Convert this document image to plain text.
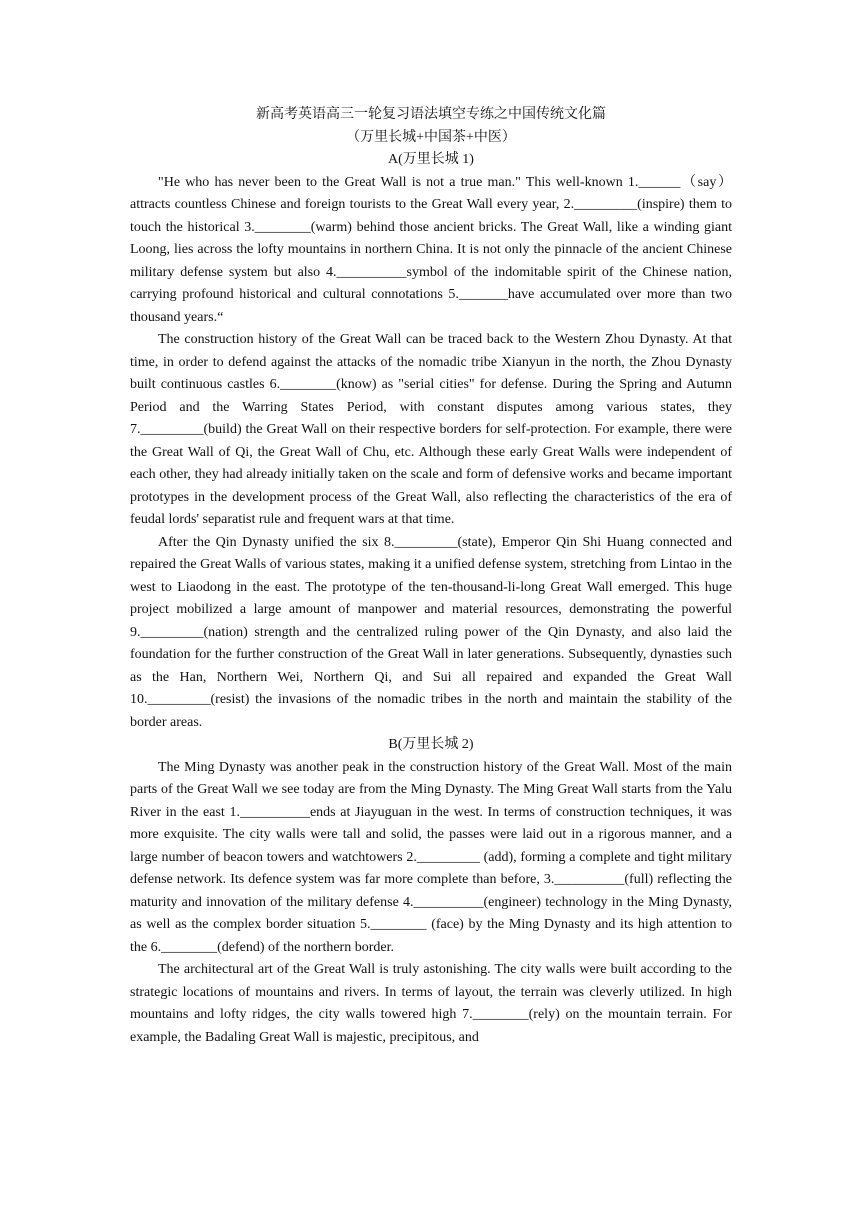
新高考英语高三一轮复习语法填空专练之中国传统文化篇

（万里长城+中国茶+中医）

A(万里长城 1)

"He who has never been to the Great Wall is not a true man." This well-known 1.______（say）attracts countless Chinese and foreign tourists to the Great Wall every year, 2._________(inspire) them to touch the historical 3.________(warm) behind those ancient bricks. The Great Wall, like a winding giant Loong, lies across the lofty mountains in northern China. It is not only the pinnacle of the ancient Chinese military defense system but also 4.__________symbol of the indomitable spirit of the Chinese nation, carrying profound historical and cultural connotations 5._______have accumulated over more than two thousand years.“

The construction history of the Great Wall can be traced back to the Western Zhou Dynasty. At that time, in order to defend against the attacks of the nomadic tribe Xianyun in the north, the Zhou Dynasty built continuous castles 6.________(know) as "serial cities" for defense. During the Spring and Autumn Period and the Warring States Period, with constant disputes among various states, they 7._________(build) the Great Wall on their respective borders for self-protection. For example, there were the Great Wall of Qi, the Great Wall of Chu, etc. Although these early Great Walls were independent of each other, they had already initially taken on the scale and form of defensive works and became important prototypes in the development process of the Great Wall, also reflecting the characteristics of the era of feudal lords' separatist rule and frequent wars at that time.

After the Qin Dynasty unified the six 8._________(state), Emperor Qin Shi Huang connected and repaired the Great Walls of various states, making it a unified defense system, stretching from Lintao in the west to Liaodong in the east. The prototype of the ten-thousand-li-long Great Wall emerged. This huge project mobilized a large amount of manpower and material resources, demonstrating the powerful 9._________(nation) strength and the centralized ruling power of the Qin Dynasty, and also laid the foundation for the further construction of the Great Wall in later generations. Subsequently, dynasties such as the Han, Northern Wei, Northern Qi, and Sui all repaired and expanded the Great Wall 10._________(resist) the invasions of the nomadic tribes in the north and maintain the stability of the border areas.

B(万里长城 2)

The Ming Dynasty was another peak in the construction history of the Great Wall. Most of the main parts of the Great Wall we see today are from the Ming Dynasty. The Ming Great Wall starts from the Yalu River in the east 1.__________ends at Jiayuguan in the west. In terms of construction techniques, it was more exquisite. The city walls were tall and solid, the passes were laid out in a rigorous manner, and a large number of beacon towers and watchtowers 2._________ (add), forming a complete and tight military defense network. Its defence system was far more complete than before, 3.__________(full) reflecting the maturity and innovation of the military defense 4.__________(engineer) technology in the Ming Dynasty, as well as the complex border situation 5.________ (face) by the Ming Dynasty and its high attention to the 6.________(defend) of the northern border.

The architectural art of the Great Wall is truly astonishing. The city walls were built according to the strategic locations of mountains and rivers. In terms of layout, the terrain was cleverly utilized. In high mountains and lofty ridges, the city walls towered high 7.________(rely) on the mountain terrain. For example, the Badaling Great Wall is majestic, precipitous, and
